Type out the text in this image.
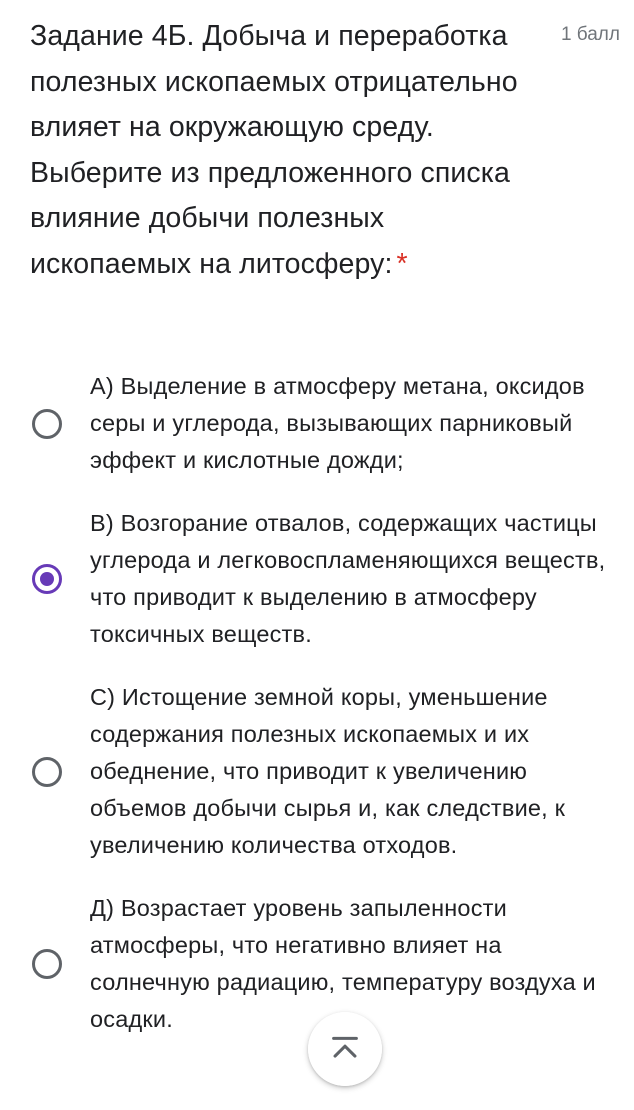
Задание 4Б. Добыча и переработка полезных ископаемых отрицательно влияет на окружающую среду. Выберите из предложенного списка влияние добычи полезных ископаемых на литосферу: *
1 балл
А) Выделение в атмосферу метана, оксидов серы и углерода, вызывающих парниковый эффект и кислотные дожди;
В) Возгорание отвалов, содержащих частицы углерода и легковоспламеняющихся веществ, что приводит к выделению в атмосферу токсичных веществ.
С) Истощение земной коры, уменьшение содержания полезных ископаемых и их обеднение, что приводит к увеличению объемов добычи сырья и, как следствие, к увеличению количества отходов.
Д) Возрастает уровень запыленности атмосферы, что негативно влияет на солнечную радиацию, температуру воздуха и осадки.
